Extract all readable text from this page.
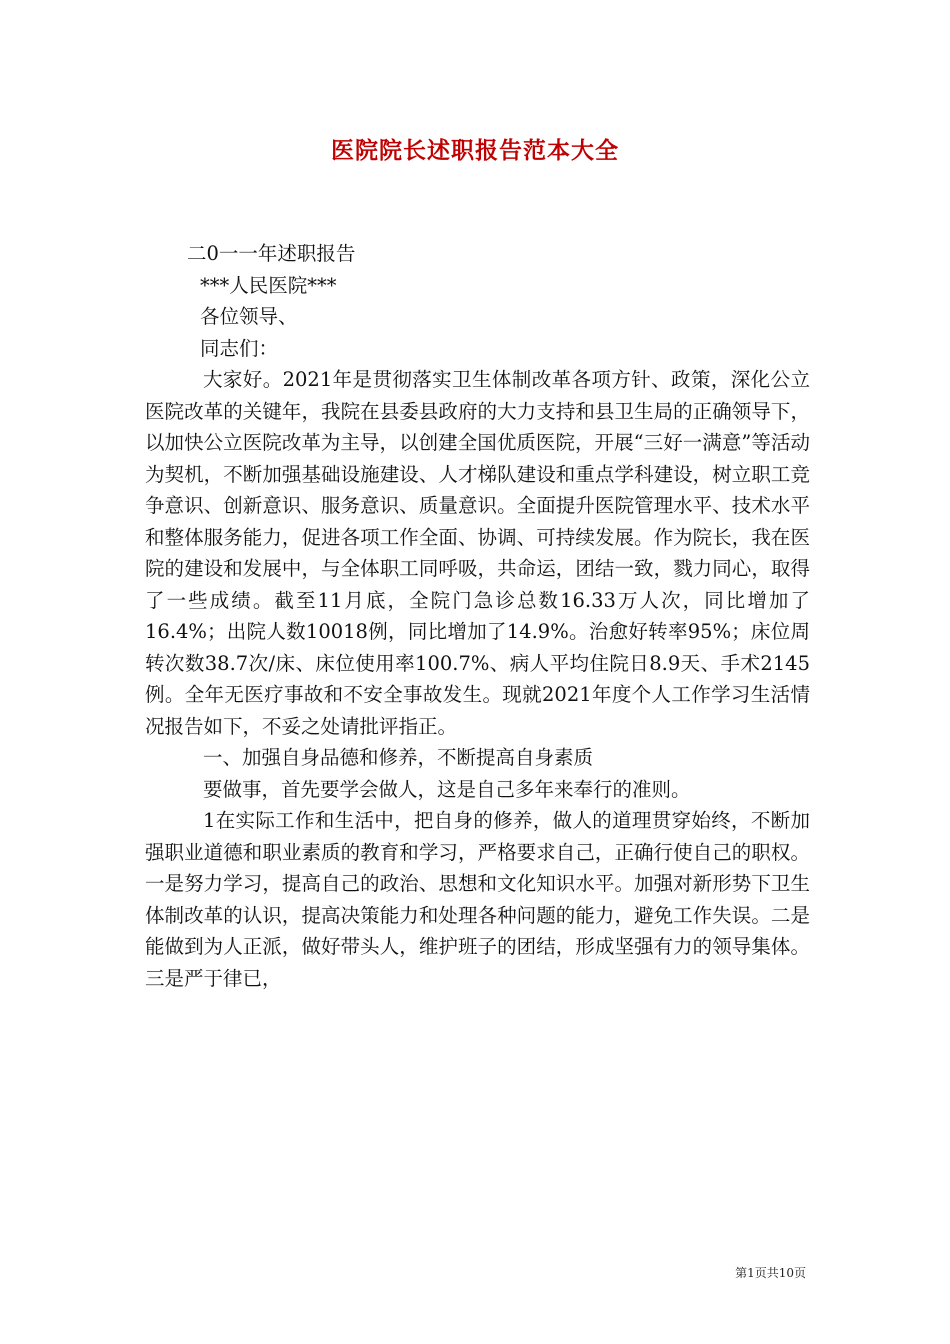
医院院长述职报告范本大全
二0一一年述职报告
***人民医院***
各位领导、
同志们：
大家好。2021年是贯彻落实卫生体制改革各项方针、政策，深化公立医院改革的关键年，我院在县委县政府的大力支持和县卫生局的正确领导下，以加快公立医院改革为主导，以创建全国优质医院，开展“三好一满意”等活动为契机，不断加强基础设施建设、人才梯队建设和重点学科建设，树立职工竞争意识、创新意识、服务意识、质量意识。全面提升医院管理水平、技术水平和整体服务能力，促进各项工作全面、协调、可持续发展。作为院长，我在医院的建设和发展中，与全体职工同呼吸，共命运，团结一致，戮力同心，取得了一些成绩。截至11月底，全院门急诊总数16.33万人次，同比增加了16.4%；出院人数10018例，同比增加了14.9%。治愈好转率95%；床位周转次数38.7次/床、床位使用率100.7%、病人平均住院日8.9天、手术2145例。全年无医疗事故和不安全事故发生。现就2021年度个人工作学习生活情况报告如下，不妥之处请批评指正。
一、加强自身品德和修养，不断提高自身素质
要做事，首先要学会做人，这是自己多年来奉行的准则。
1在实际工作和生活中，把自身的修养，做人的道理贯穿始终，不断加强职业道德和职业素质的教育和学习，严格要求自己，正确行使自己的职权。一是努力学习，提高自己的政治、思想和文化知识水平。加强对新形势下卫生体制改革的认识，提高决策能力和处理各种问题的能力，避免工作失误。二是能做到为人正派，做好带头人，维护班子的团结，形成坚强有力的领导集体。三是严于律已，
第1页共10页
